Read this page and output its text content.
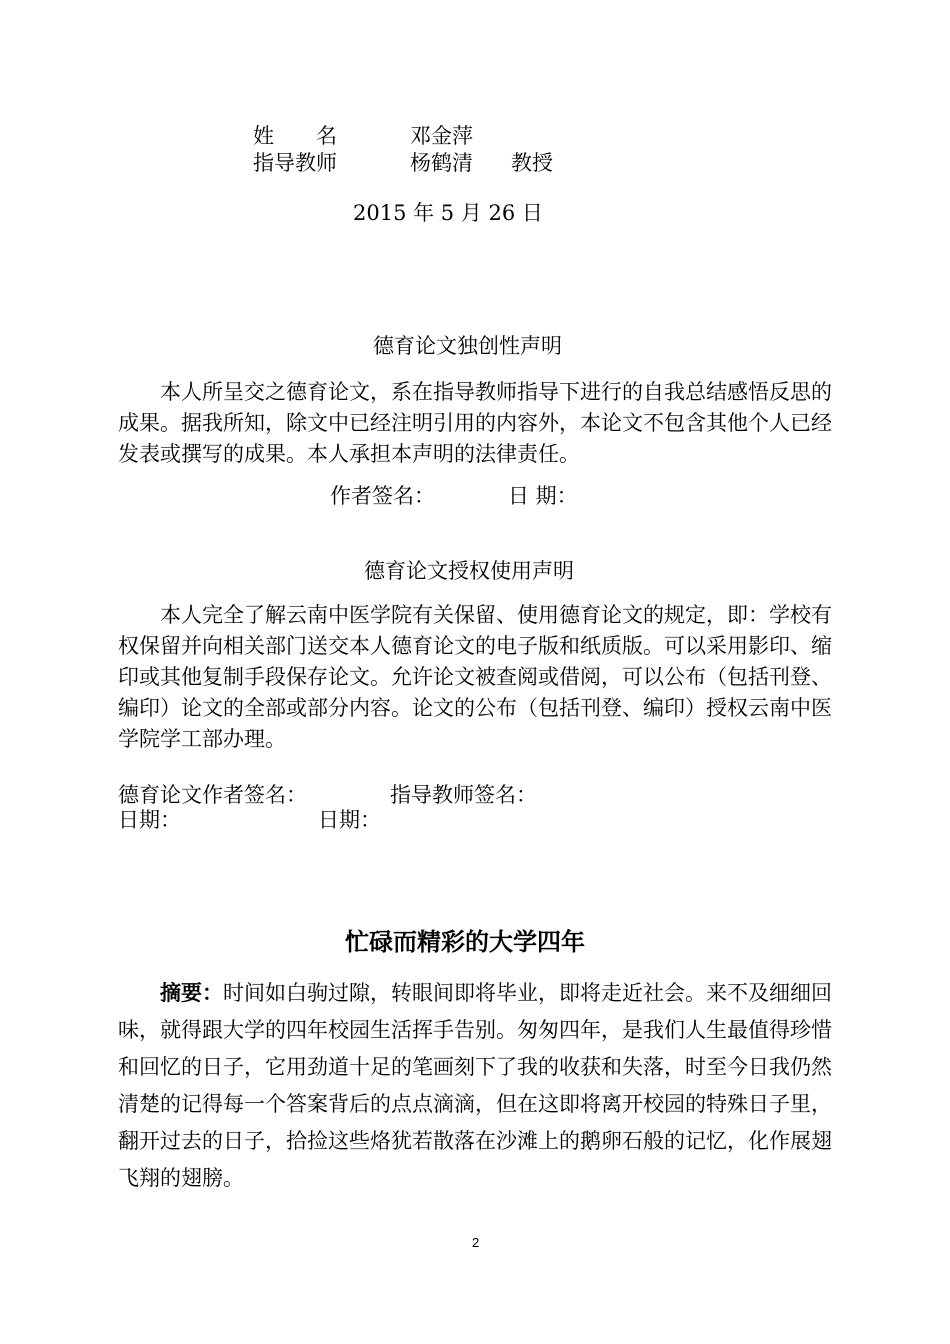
姓　　名	邓金萍
指导教师	杨鹤清 教授
2015 年 5 月 26 日
德育论文独创性声明
本人所呈交之德育论文，系在指导教师指导下进行的自我总结感悟反思的成果。据我所知，除文中已经注明引用的内容外，本论文不包含其他个人已经发表或撰写的成果。本人承担本声明的法律责任。
作者签名：	日 期：
德育论文授权使用声明
本人完全了解云南中医学院有关保留、使用德育论文的规定，即：学校有权保留并向相关部门送交本人德育论文的电子版和纸质版。可以采用影印、缩印或其他复制手段保存论文。允许论文被查阅或借阅，可以公布（包括刊登、编印）论文的全部或部分内容。论文的公布（包括刊登、编印）授权云南中医学院学工部办理。
德育论文作者签名：	指导教师签名：
日期：	日期：
忙碌而精彩的大学四年
摘要：时间如白驹过隙，转眼间即将毕业，即将走近社会。来不及细细回味，就得跟大学的四年校园生活挥手告别。匆匆四年，是我们人生最值得珍惜和回忆的日子，它用劲道十足的笔画刻下了我的收获和失落，时至今日我仍然清楚的记得每一个答案背后的点点滴滴，但在这即将离开校园的特殊日子里，翻开过去的日子，拾捡这些烙犹若散落在沙滩上的鹅卵石般的记忆，化作展翅飞翔的翅膀。
2
